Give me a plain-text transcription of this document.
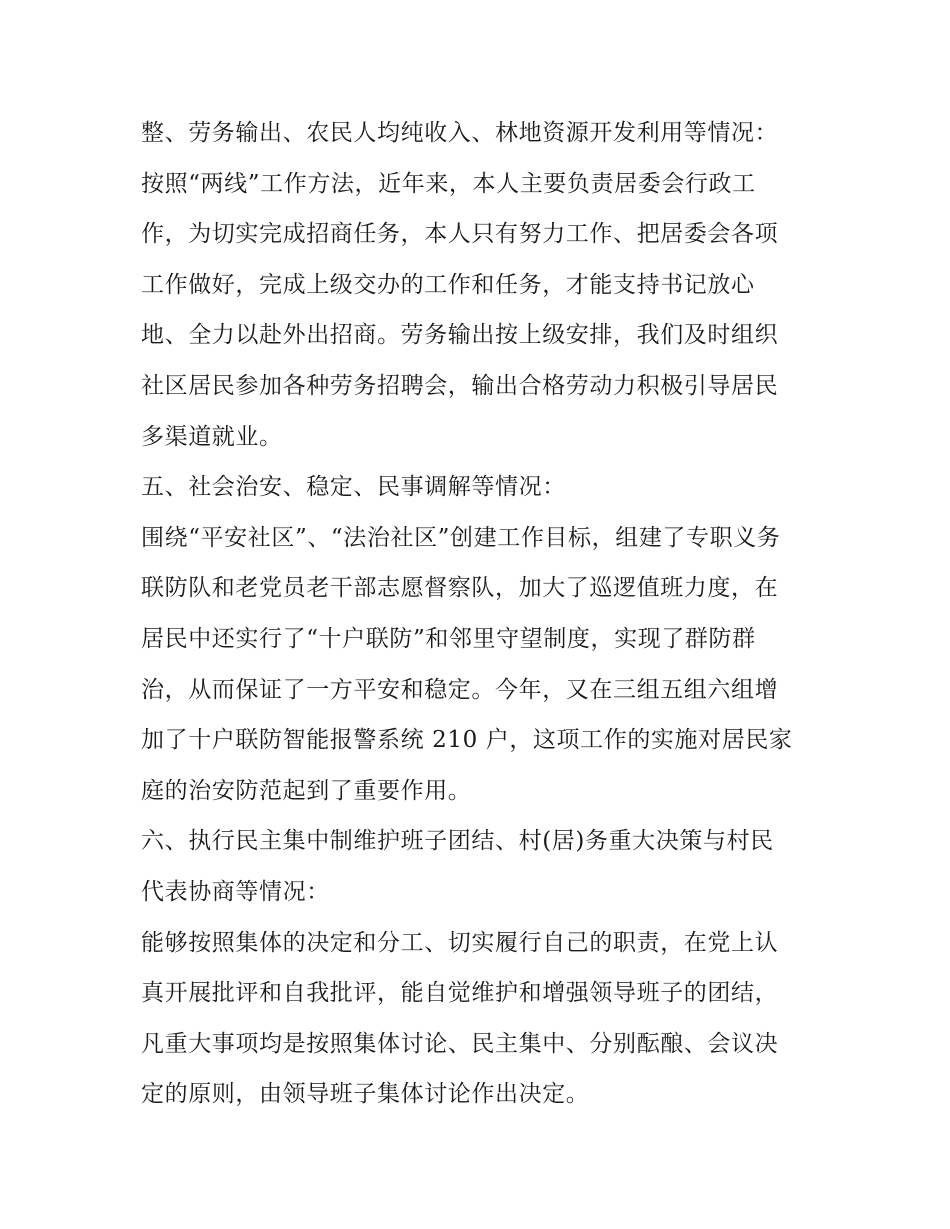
整、劳务输出、农民人均纯收入、林地资源开发利用等情况：
按照“两线”工作方法，近年来，本人主要负责居委会行政工
作，为切实完成招商任务，本人只有努力工作、把居委会各项
工作做好，完成上级交办的工作和任务，才能支持书记放心
地、全力以赴外出招商。劳务输出按上级安排，我们及时组织
社区居民参加各种劳务招聘会，输出合格劳动力积极引导居民
多渠道就业。
五、社会治安、稳定、民事调解等情况：
围绕“平安社区”、“法治社区”创建工作目标，组建了专职义务
联防队和老党员老干部志愿督察队，加大了巡逻值班力度，在
居民中还实行了“十户联防”和邻里守望制度，实现了群防群
治，从而保证了一方平安和稳定。今年，又在三组五组六组增
加了十户联防智能报警系统 210 户，这项工作的实施对居民家
庭的治安防范起到了重要作用。
六、执行民主集中制维护班子团结、村(居)务重大决策与村民
代表协商等情况：
能够按照集体的决定和分工、切实履行自己的职责，在党上认
真开展批评和自我批评，能自觉维护和增强领导班子的团结，
凡重大事项均是按照集体讨论、民主集中、分别酝酿、会议决
定的原则，由领导班子集体讨论作出决定。
